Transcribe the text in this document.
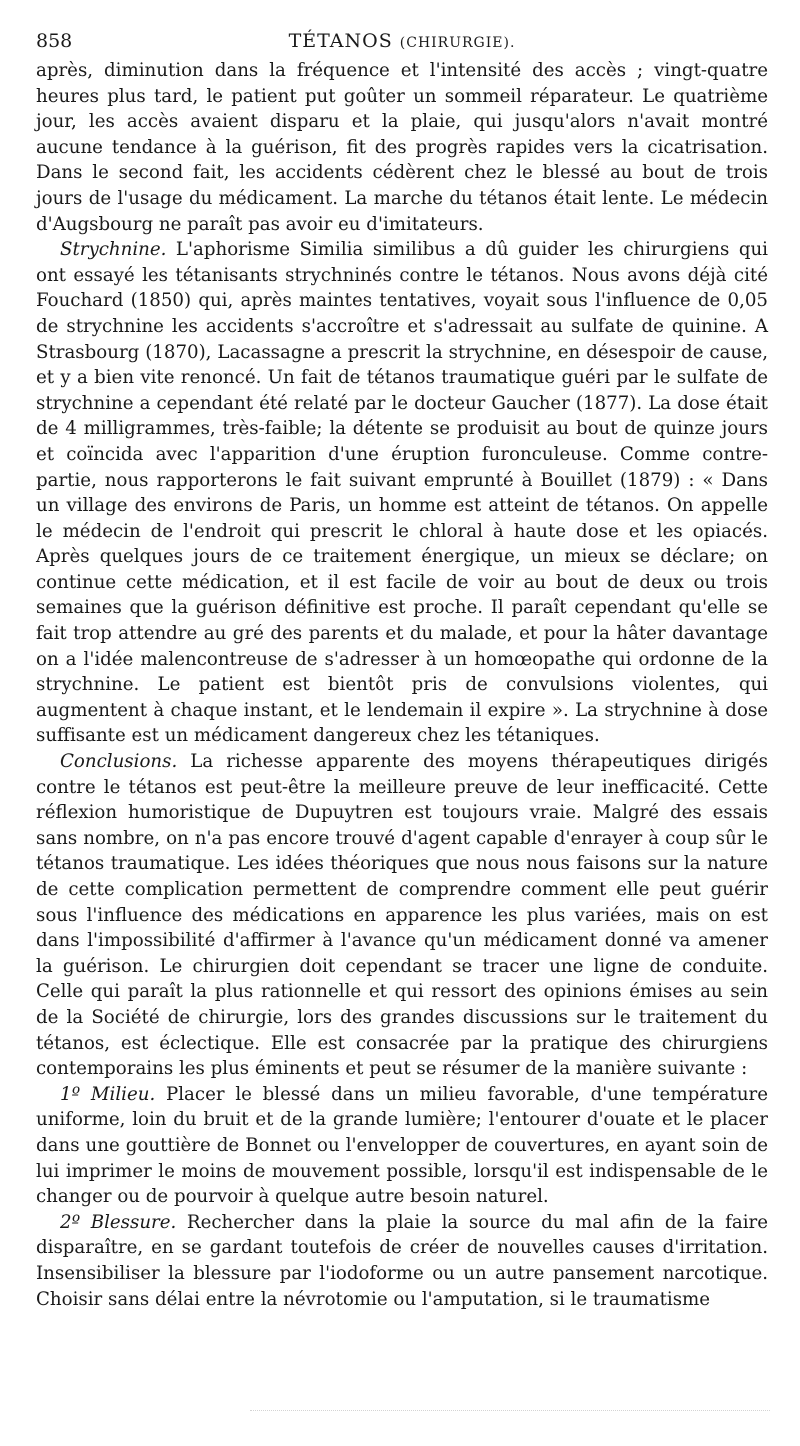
858	TÉTANOS (CHIRURGIE).

après, diminution dans la fréquence et l'intensité des accès ; vingt-quatre heures plus tard, le patient put goûter un sommeil réparateur. Le quatrième jour, les accès avaient disparu et la plaie, qui jusqu'alors n'avait montré aucune tendance à la guérison, fit des progrès rapides vers la cicatrisation. Dans le second fait, les accidents cédèrent chez le blessé au bout de trois jours de l'usage du médicament. La marche du tétanos était lente. Le médecin d'Augsbourg ne paraît pas avoir eu d'imitateurs.

Strychnine. L'aphorisme Similia similibus a dû guider les chirurgiens qui ont essayé les tétanisants strychninés contre le tétanos. Nous avons déjà cité Fouchard (1850) qui, après maintes tentatives, voyait sous l'influence de 0,05 de strychnine les accidents s'accroître et s'adressait au sulfate de quinine. A Strasbourg (1870), Lacassagne a prescrit la strychnine, en désespoir de cause, et y a bien vite renoncé. Un fait de tétanos traumatique guéri par le sulfate de strychnine a cependant été relaté par le docteur Gaucher (1877). La dose était de 4 milligrammes, très-faible; la détente se produisit au bout de quinze jours et coïncida avec l'apparition d'une éruption furonculeuse. Comme contre-partie, nous rapporterons le fait suivant emprunté à Bouillet (1879) : « Dans un village des environs de Paris, un homme est atteint de tétanos. On appelle le médecin de l'endroit qui prescrit le chloral à haute dose et les opiacés. Après quelques jours de ce traitement énergique, un mieux se déclare; on continue cette médication, et il est facile de voir au bout de deux ou trois semaines que la guérison définitive est proche. Il paraît cependant qu'elle se fait trop attendre au gré des parents et du malade, et pour la hâter davantage on a l'idée malencontreuse de s'adresser à un homœopathe qui ordonne de la strychnine. Le patient est bientôt pris de convulsions violentes, qui augmentent à chaque instant, et le lendemain il expire ». La strychnine à dose suffisante est un médicament dangereux chez les tétaniques.

Conclusions. La richesse apparente des moyens thérapeutiques dirigés contre le tétanos est peut-être la meilleure preuve de leur inefficacité. Cette réflexion humoristique de Dupuytren est toujours vraie. Malgré des essais sans nombre, on n'a pas encore trouvé d'agent capable d'enrayer à coup sûr le tétanos traumatique. Les idées théoriques que nous nous faisons sur la nature de cette complication permettent de comprendre comment elle peut guérir sous l'influence des médications en apparence les plus variées, mais on est dans l'impossibilité d'affirmer à l'avance qu'un médicament donné va amener la guérison. Le chirurgien doit cependant se tracer une ligne de conduite. Celle qui paraît la plus rationnelle et qui ressort des opinions émises au sein de la Société de chirurgie, lors des grandes discussions sur le traitement du tétanos, est éclectique. Elle est consacrée par la pratique des chirurgiens contemporains les plus éminents et peut se résumer de la manière suivante :

1º Milieu. Placer le blessé dans un milieu favorable, d'une température uniforme, loin du bruit et de la grande lumière; l'entourer d'ouate et le placer dans une gouttière de Bonnet ou l'envelopper de couvertures, en ayant soin de lui imprimer le moins de mouvement possible, lorsqu'il est indispensable de le changer ou de pourvoir à quelque autre besoin naturel.

2º Blessure. Rechercher dans la plaie la source du mal afin de la faire disparaître, en se gardant toutefois de créer de nouvelles causes d'irritation. Insensibiliser la blessure par l'iodoforme ou un autre pansement narcotique. Choisir sans délai entre la névrotomie ou l'amputation, si le traumatisme
